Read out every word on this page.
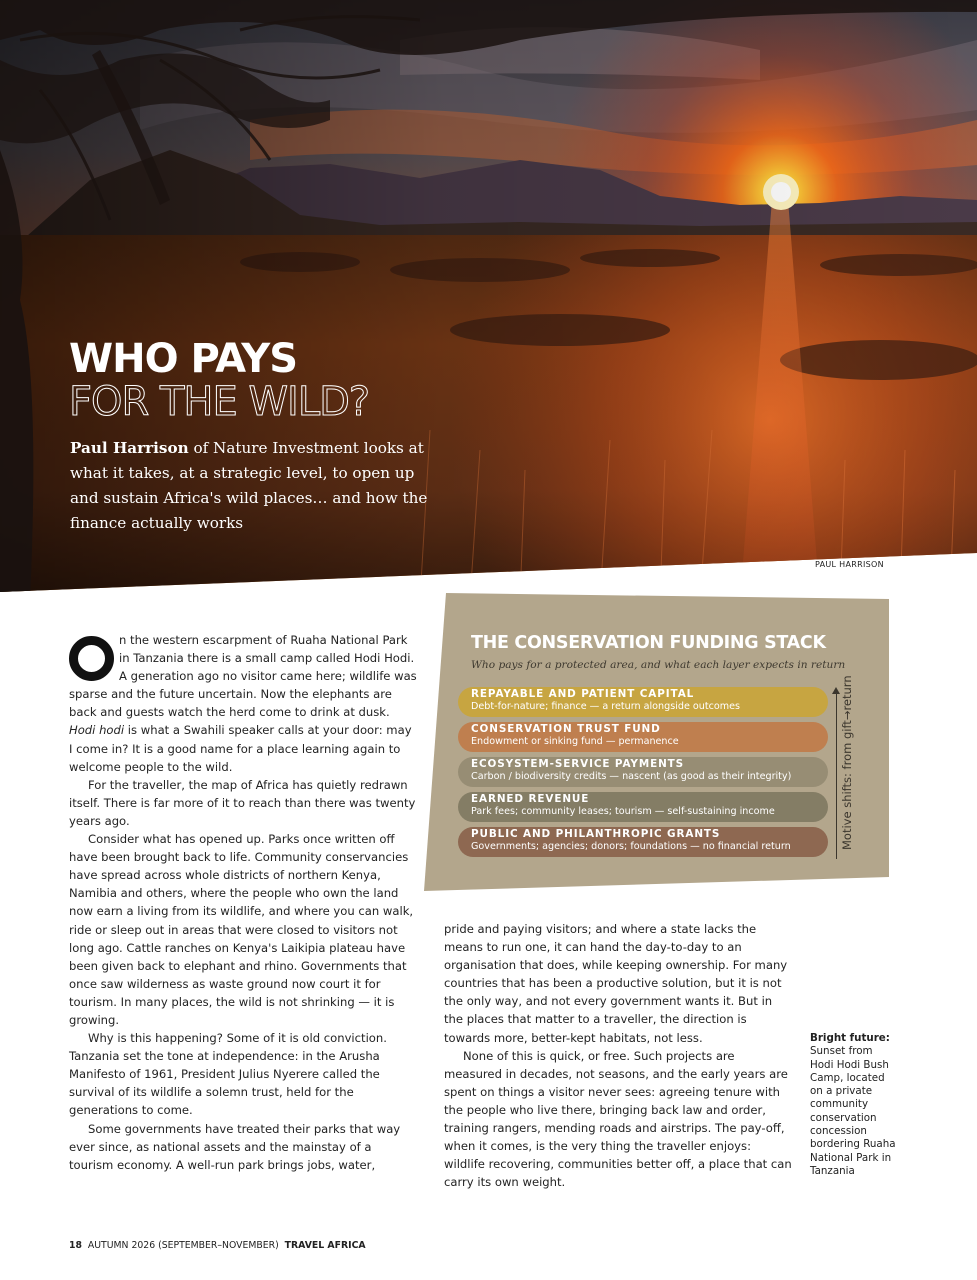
PAUL HARRISON
WHO PAYS
FOR THE WILD?

Paul Harrison of Nature Investment looks at what it takes, at a strategic level, to open up and sustain Africa's wild places… and how the finance actually works

THE CONSERVATION FUNDING STACK

Who pays for a protected area, and what each layer expects in return

REPAYABLE AND PATIENT CAPITAL
Debt-for-nature; finance — a return alongside outcomes
CONSERVATION TRUST FUND
Endowment or sinking fund — permanence
ECOSYSTEM-SERVICE PAYMENTS
Carbon / biodiversity credits — nascent (as good as their integrity)
EARNED REVENUE
Park fees; community leases; tourism — self-sustaining income
PUBLIC AND PHILANTHROPIC GRANTS
Governments; agencies; donors; foundations — no financial return	Motive shifts: from gift→return

n the western escarpment of Ruaha National Park in Tanzania there is a small camp called Hodi Hodi. A generation ago no visitor came here; wildlife was sparse and the future uncertain. Now the elephants are back and guests watch the herd come to drink at dusk. Hodi hodi is what a Swahili speaker calls at your door: may I come in? It is a good name for a place learning again to welcome people to the wild.

For the traveller, the map of Africa has quietly redrawn itself. There is far more of it to reach than there was twenty years ago.

Consider what has opened up. Parks once written off have been brought back to life. Community conservancies have spread across whole districts of northern Kenya, Namibia and others, where the people who own the land now earn a living from its wildlife, and where you can walk, ride or sleep out in areas that were closed to visitors not long ago. Cattle ranches on Kenya's Laikipia plateau have been given back to elephant and rhino. Governments that once saw wilderness as waste ground now court it for tourism. In many places, the wild is not shrinking — it is growing.

Why is this happening? Some of it is old conviction. Tanzania set the tone at independence: in the Arusha Manifesto of 1961, President Julius Nyerere called the survival of its wildlife a solemn trust, held for the generations to come.

Some governments have treated their parks that way ever since, as national assets and the mainstay of a tourism economy. A well-run park brings jobs, water,

pride and paying visitors; and where a state lacks the means to run one, it can hand the day-to-day to an organisation that does, while keeping ownership. For many countries that has been a productive solution, but it is not the only way, and not every government wants it. But in the places that matter to a traveller, the direction is towards more, better-kept habitats, not less.

None of this is quick, or free. Such projects are measured in decades, not seasons, and the early years are spent on things a visitor never sees: agreeing tenure with the people who live there, bringing back law and order, training rangers, mending roads and airstrips. The pay-off, when it comes, is the very thing the traveller enjoys: wildlife recovering, communities better off, a place that can carry its own weight.

Bright future:
Sunset from Hodi Hodi Bush Camp, located on a private community conservation concession bordering Ruaha National Park in Tanzania

18 AUTUMN 2026 (SEPTEMBER–NOVEMBER) TRAVEL AFRICA
